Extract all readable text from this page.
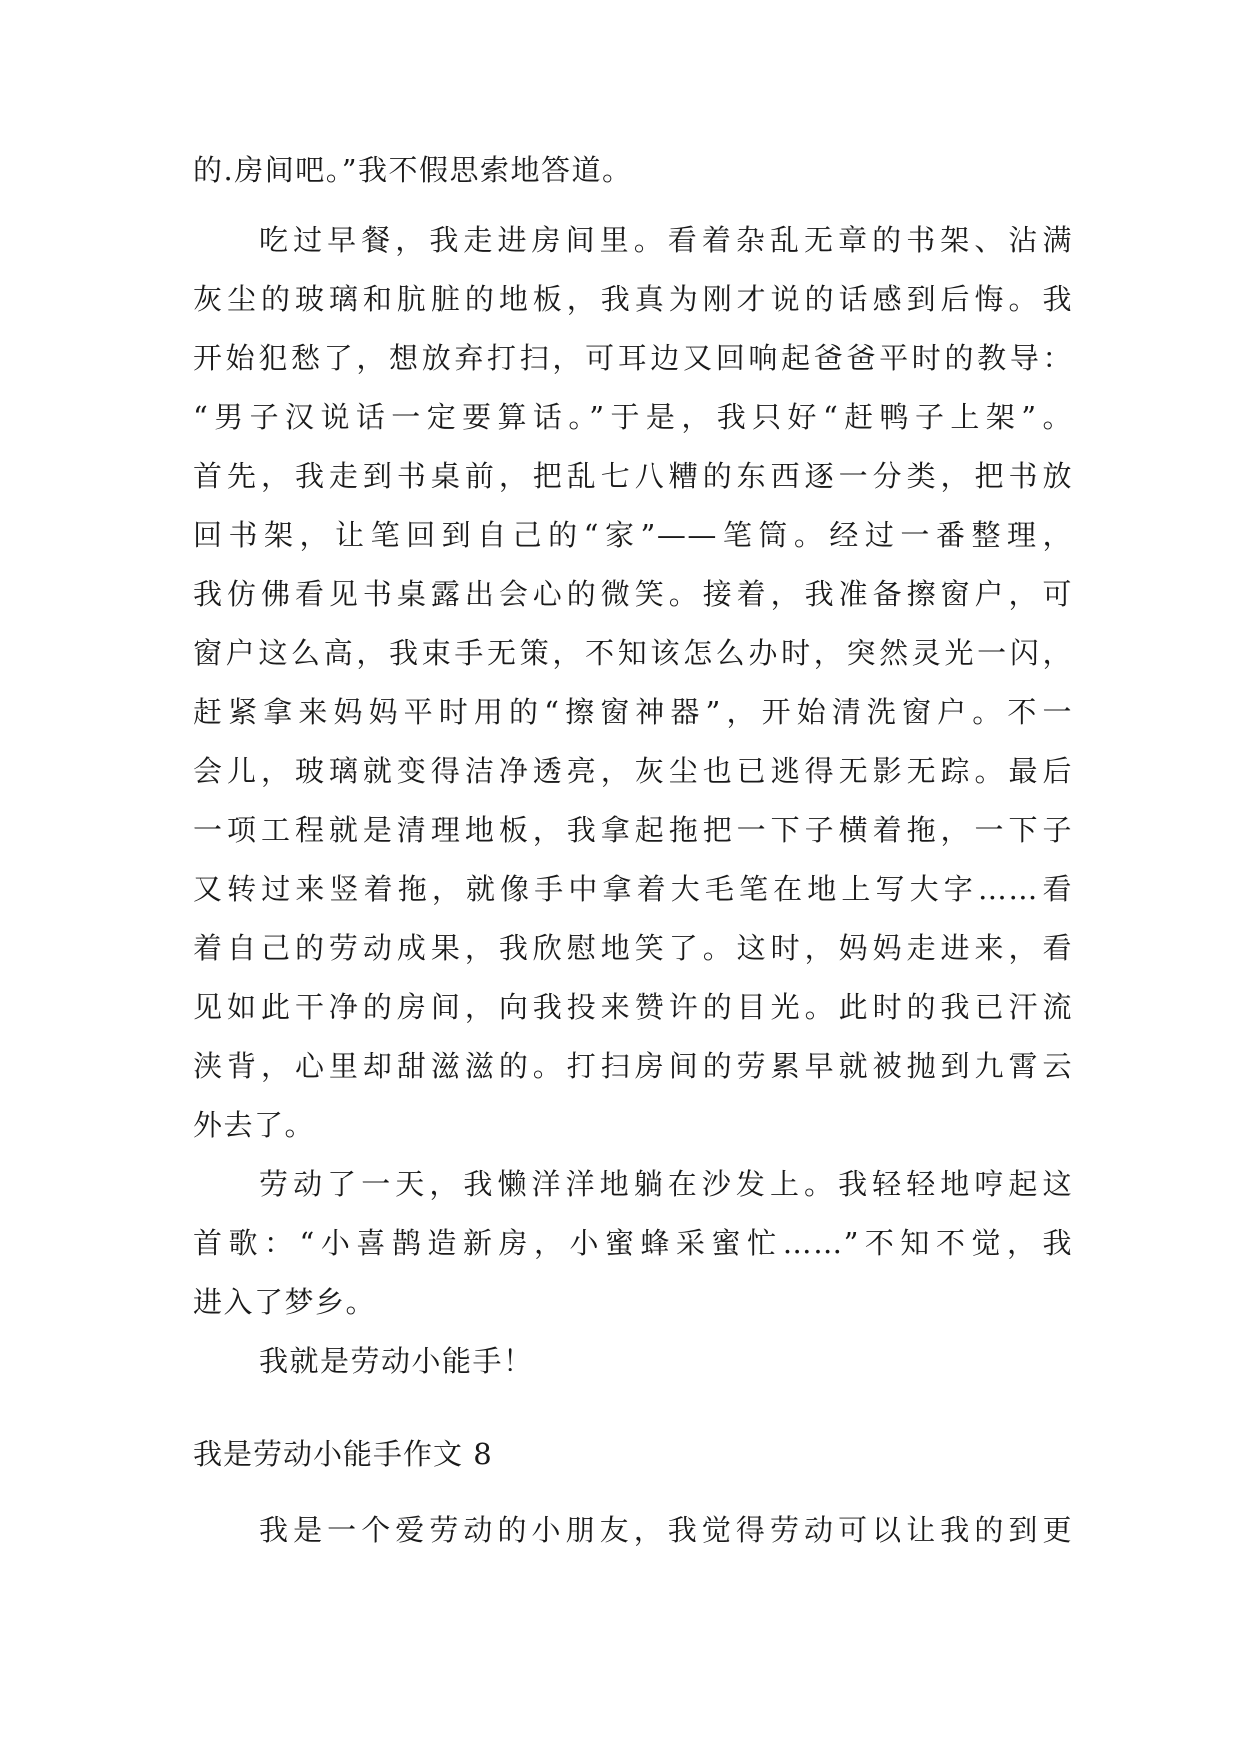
的.房间吧。”我不假思索地答道。
吃过早餐，我走进房间里。看着杂乱无章的书架、沾满
灰尘的玻璃和肮脏的地板，我真为刚才说的话感到后悔。我
开始犯愁了，想放弃打扫，可耳边又回响起爸爸平时的教导：
“男子汉说话一定要算话。”于是，我只好“赶鸭子上架”。
首先，我走到书桌前，把乱七八糟的东西逐一分类，把书放
回书架，让笔回到自己的“家”——笔筒。经过一番整理，
我仿佛看见书桌露出会心的微笑。接着，我准备擦窗户，可
窗户这么高，我束手无策，不知该怎么办时，突然灵光一闪，
赶紧拿来妈妈平时用的“擦窗神器”，开始清洗窗户。不一
会儿，玻璃就变得洁净透亮，灰尘也已逃得无影无踪。最后
一项工程就是清理地板，我拿起拖把一下子横着拖，一下子
又转过来竖着拖，就像手中拿着大毛笔在地上写大字……看
着自己的劳动成果，我欣慰地笑了。这时，妈妈走进来，看
见如此干净的房间，向我投来赞许的目光。此时的我已汗流
浃背，心里却甜滋滋的。打扫房间的劳累早就被抛到九霄云
外去了。
劳动了一天，我懒洋洋地躺在沙发上。我轻轻地哼起这
首歌：“小喜鹊造新房，小蜜蜂采蜜忙……”不知不觉，我
进入了梦乡。
我就是劳动小能手！
我是劳动小能手作文 8
我是一个爱劳动的小朋友，我觉得劳动可以让我的到更
